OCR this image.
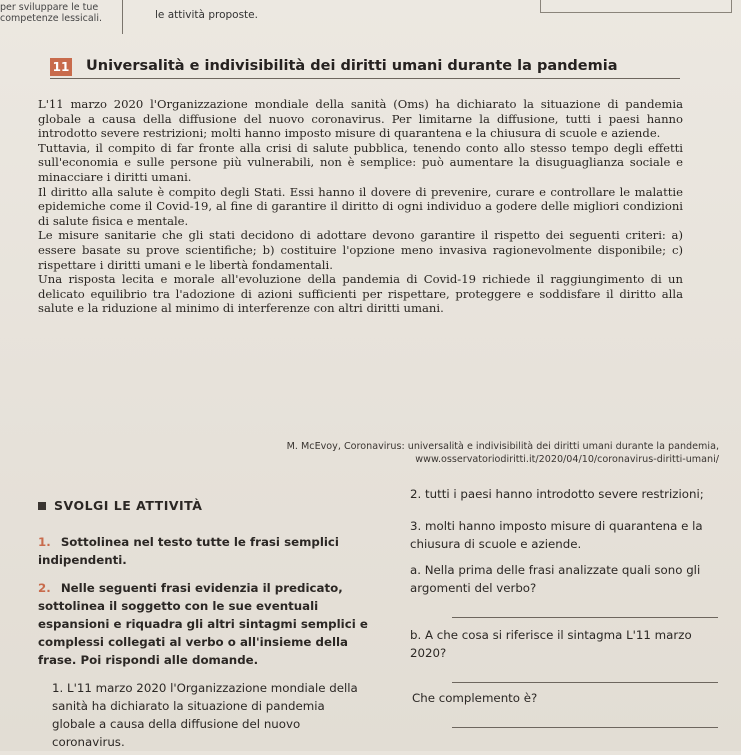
per sviluppare le tue
competenze lessicali.	le attività proposte.
11 Universalità e indivisibilità dei diritti umani durante la pandemia

L'11 marzo 2020 l'Organizzazione mondiale della sanità (Oms) ha dichiarato la situazione di pandemia globale a causa della diffusione del nuovo coronavirus. Per limitarne la diffusione, tutti i paesi hanno introdotto severe restrizioni; molti hanno imposto misure di quarantena e la chiusura di scuole e aziende.

Tuttavia, il compito di far fronte alla crisi di salute pubblica, tenendo conto allo stesso tempo degli effetti sull'economia e sulle persone più vulnerabili, non è semplice: può aumentare la disuguaglianza sociale e minacciare i diritti umani.

Il diritto alla salute è compito degli Stati. Essi hanno il dovere di prevenire, curare e controllare le malattie epidemiche come il Covid-19, al fine di garantire il diritto di ogni individuo a godere delle migliori condizioni di salute fisica e mentale.

Le misure sanitarie che gli stati decidono di adottare devono garantire il rispetto dei seguenti criteri: a) essere basate su prove scientifiche; b) costituire l'opzione meno invasiva ragionevolmente disponibile; c) rispettare i diritti umani e le libertà fondamentali.

Una risposta lecita e morale all'evoluzione della pandemia di Covid-19 richiede il raggiungimento di un delicato equilibrio tra l'adozione di azioni sufficienti per rispettare, proteggere e soddisfare il diritto alla salute e la riduzione al minimo di interferenze con altri diritti umani.

M. McEvoy, Coronavirus: universalità e indivisibilità dei diritti umani durante la pandemia,
www.osservatoriodiritti.it/2020/04/10/coronavirus-diritti-umani/
SVOLGI LE ATTIVITÀ
1. Sottolinea nel testo tutte le frasi semplici indipendenti.
2. Nelle seguenti frasi evidenzia il predicato, sottolinea il soggetto con le sue eventuali espansioni e riquadra gli altri sintagmi semplici e complessi collegati al verbo o all'insieme della frase. Poi rispondi alle domande.
1. L'11 marzo 2020 l'Organizzazione mondiale della sanità ha dichiarato la situazione di pandemia globale a causa della diffusione del nuovo coronavirus.
2. tutti i paesi hanno introdotto severe restrizioni;
3. molti hanno imposto misure di quarantena e la chiusura di scuole e aziende.
a. Nella prima delle frasi analizzate quali sono gli argomenti del verbo?
b. A che cosa si riferisce il sintagma L'11 marzo 2020?
Che complemento è?
